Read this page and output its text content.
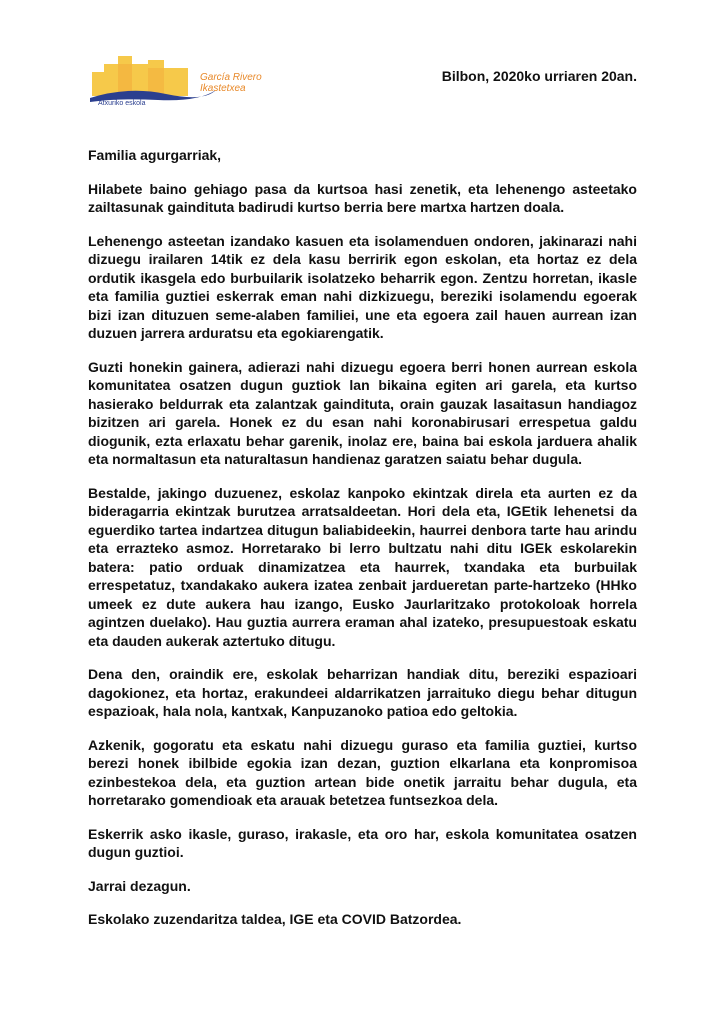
García Rivero
Ikastetxea
Atxuriko eskola
Bilbon, 2020ko urriaren 20an.

Familia agurgarriak,

Hilabete baino gehiago pasa da kurtsoa hasi zenetik, eta lehenengo asteetako zailtasunak gaindituta badirudi kurtso berria bere martxa hartzen doala.

Lehenengo asteetan izandako kasuen eta isolamenduen ondoren, jakinarazi nahi dizuegu irailaren 14tik ez dela kasu berririk egon eskolan, eta hortaz ez dela ordutik ikasgela edo burbuilarik isolatzeko beharrik egon. Zentzu horretan, ikasle eta familia guztiei eskerrak eman nahi dizkizuegu, bereziki isolamendu egoerak bizi izan dituzuen seme-alaben familiei, une eta egoera zail hauen aurrean izan duzuen jarrera arduratsu eta egokiarengatik.

Guzti honekin gainera, adierazi nahi dizuegu egoera berri honen aurrean eskola komunitatea osatzen dugun guztiok lan bikaina egiten ari garela, eta kurtso hasierako beldurrak eta zalantzak gaindituta, orain gauzak lasaitasun handiagoz bizitzen ari garela. Honek ez du esan nahi koronabirusari errespetua galdu diogunik, ezta erlaxatu behar garenik, inolaz ere, baina bai eskola jarduera ahalik eta normaltasun eta naturaltasun handienaz garatzen saiatu behar dugula.

Bestalde, jakingo duzuenez, eskolaz kanpoko ekintzak direla eta aurten ez da bideragarria ekintzak burutzea arratsaldeetan. Hori dela eta, IGEtik lehenetsi da eguerdiko tartea indartzea ditugun baliabideekin, haurrei denbora tarte hau arindu eta errazteko asmoz. Horretarako bi lerro bultzatu nahi ditu IGEk eskolarekin batera: patio orduak dinamizatzea eta haurrek, txandaka eta burbuilak errespetatuz, txandakako aukera izatea zenbait jardueretan parte-hartzeko (HHko umeek ez dute aukera hau izango, Eusko Jaurlaritzako protokoloak horrela agintzen duelako). Hau guztia aurrera eraman ahal izateko, presupuestoak eskatu eta dauden aukerak aztertuko ditugu.

Dena den, oraindik ere, eskolak beharrizan handiak ditu, bereziki espazioari dagokionez, eta hortaz, erakundeei aldarrikatzen jarraituko diegu behar ditugun espazioak, hala nola, kantxak, Kanpuzanoko patioa edo geltokia.

Azkenik, gogoratu eta eskatu nahi dizuegu guraso eta familia guztiei, kurtso berezi honek ibilbide egokia izan dezan, guztion elkarlana eta konpromisoa ezinbestekoa dela, eta guztion artean bide onetik jarraitu behar dugula, eta horretarako gomendioak eta arauak betetzea funtsezkoa dela.

Eskerrik asko ikasle, guraso, irakasle, eta oro har, eskola komunitatea osatzen dugun guztioi.

Jarrai dezagun.

Eskolako zuzendaritza taldea, IGE eta COVID Batzordea.
